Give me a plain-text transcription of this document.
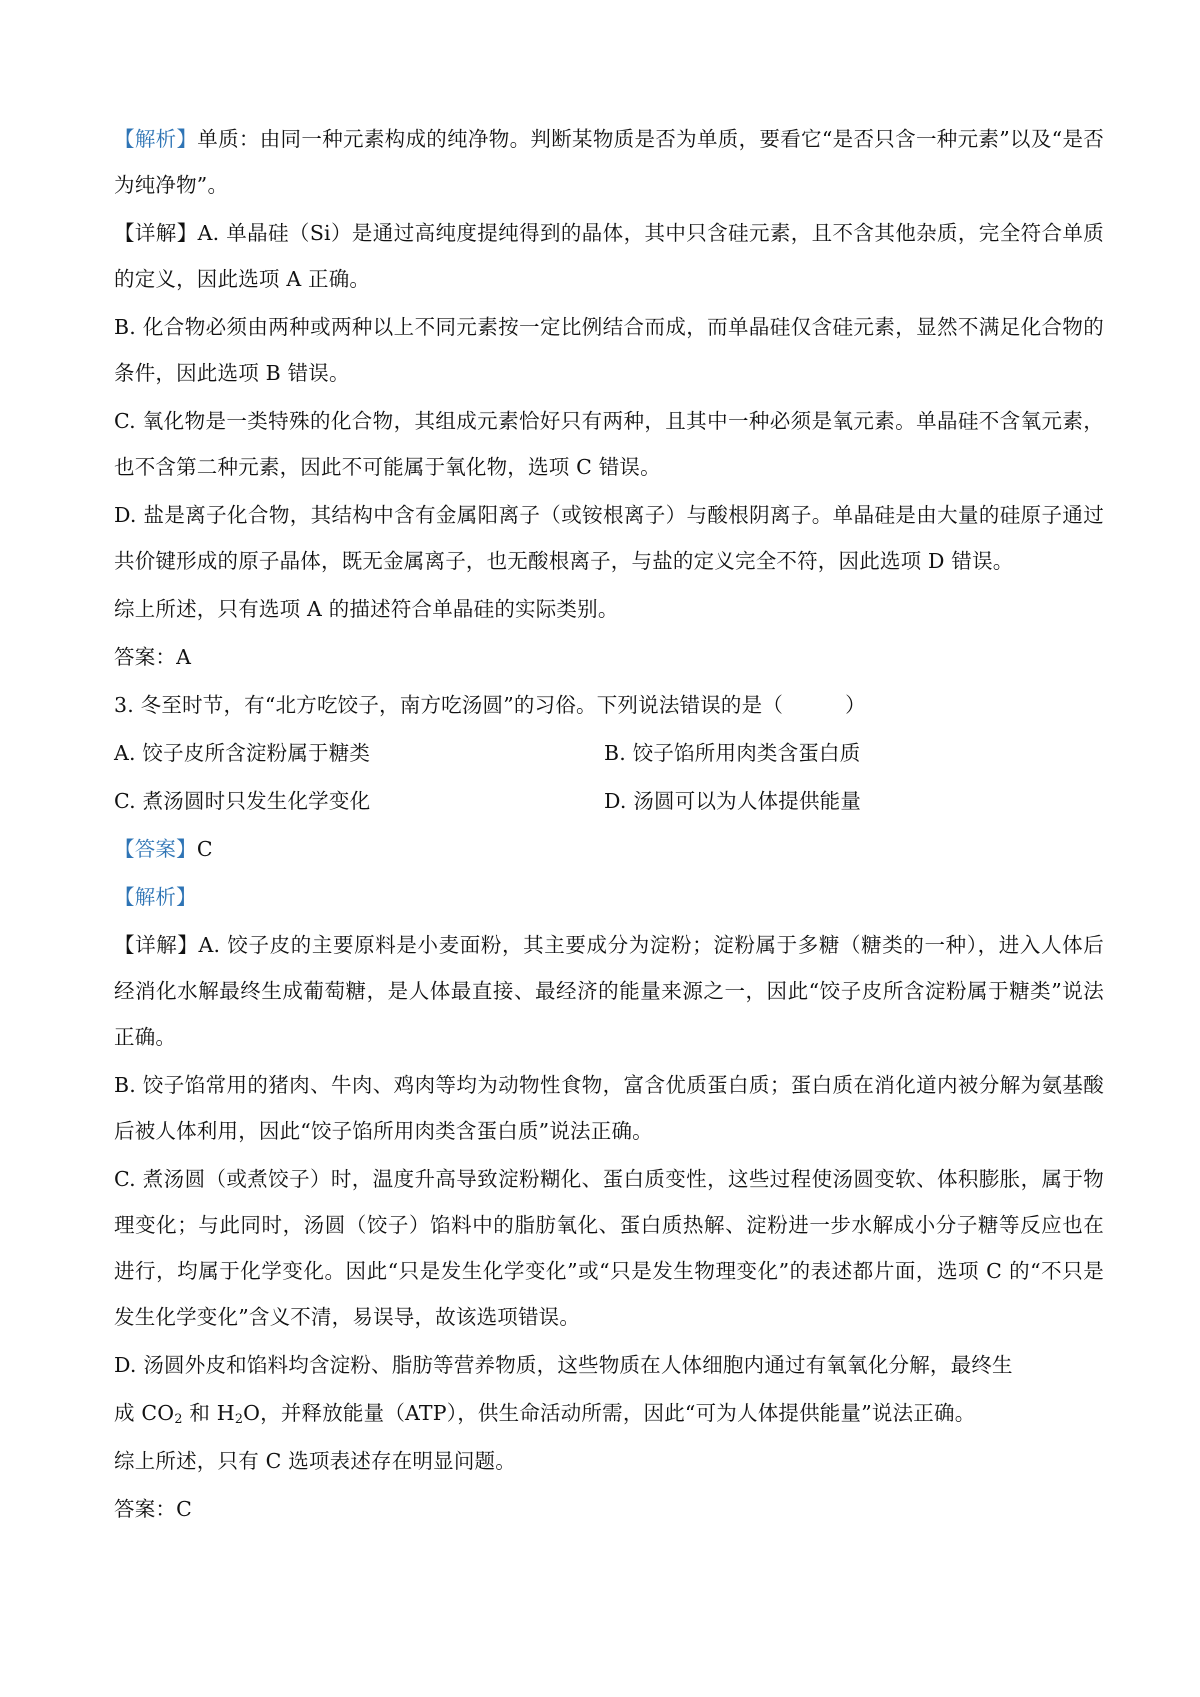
【解析】单质：由同一种元素构成的纯净物。判断某物质是否为单质，要看它“是否只含一种元素”以及“是否为纯净物”。

【详解】A. 单晶硅（Si）是通过高纯度提纯得到的晶体，其中只含硅元素，且不含其他杂质，完全符合单质的定义，因此选项 A 正确。

B. 化合物必须由两种或两种以上不同元素按一定比例结合而成，而单晶硅仅含硅元素，显然不满足化合物的条件，因此选项 B 错误。

C. 氧化物是一类特殊的化合物，其组成元素恰好只有两种，且其中一种必须是氧元素。单晶硅不含氧元素，也不含第二种元素，因此不可能属于氧化物，选项 C 错误。

D. 盐是离子化合物，其结构中含有金属阳离子（或铵根离子）与酸根阴离子。单晶硅是由大量的硅原子通过共价键形成的原子晶体，既无金属离子，也无酸根离子，与盐的定义完全不符，因此选项 D 错误。

综上所述，只有选项 A 的描述符合单晶硅的实际类别。

答案：A

3. 冬至时节，有“北方吃饺子，南方吃汤圆”的习俗。下列说法错误的是（　　　）

A. 饺子皮所含淀粉属于糖类	B. 饺子馅所用肉类含蛋白质
C. 煮汤圆时只发生化学变化	D. 汤圆可以为人体提供能量

【答案】C

【解析】

【详解】A. 饺子皮的主要原料是小麦面粉，其主要成分为淀粉；淀粉属于多糖（糖类的一种），进入人体后经消化水解最终生成葡萄糖，是人体最直接、最经济的能量来源之一，因此“饺子皮所含淀粉属于糖类”说法正确。

B. 饺子馅常用的猪肉、牛肉、鸡肉等均为动物性食物，富含优质蛋白质；蛋白质在消化道内被分解为氨基酸后被人体利用，因此“饺子馅所用肉类含蛋白质”说法正确。

C. 煮汤圆（或煮饺子）时，温度升高导致淀粉糊化、蛋白质变性，这些过程使汤圆变软、体积膨胀，属于物理变化；与此同时，汤圆（饺子）馅料中的脂肪氧化、蛋白质热解、淀粉进一步水解成小分子糖等反应也在进行，均属于化学变化。因此“只是发生化学变化”或“只是发生物理变化”的表述都片面，选项 C 的“不只是发生化学变化”含义不清，易误导，故该选项错误。

D. 汤圆外皮和馅料均含淀粉、脂肪等营养物质，这些物质在人体细胞内通过有氧氧化分解，最终生

成 $CO_2$ 和 $H_2O$，并释放能量（ATP），供生命活动所需，因此“可为人体提供能量”说法正确。

综上所述，只有 C 选项表述存在明显问题。

答案：C
